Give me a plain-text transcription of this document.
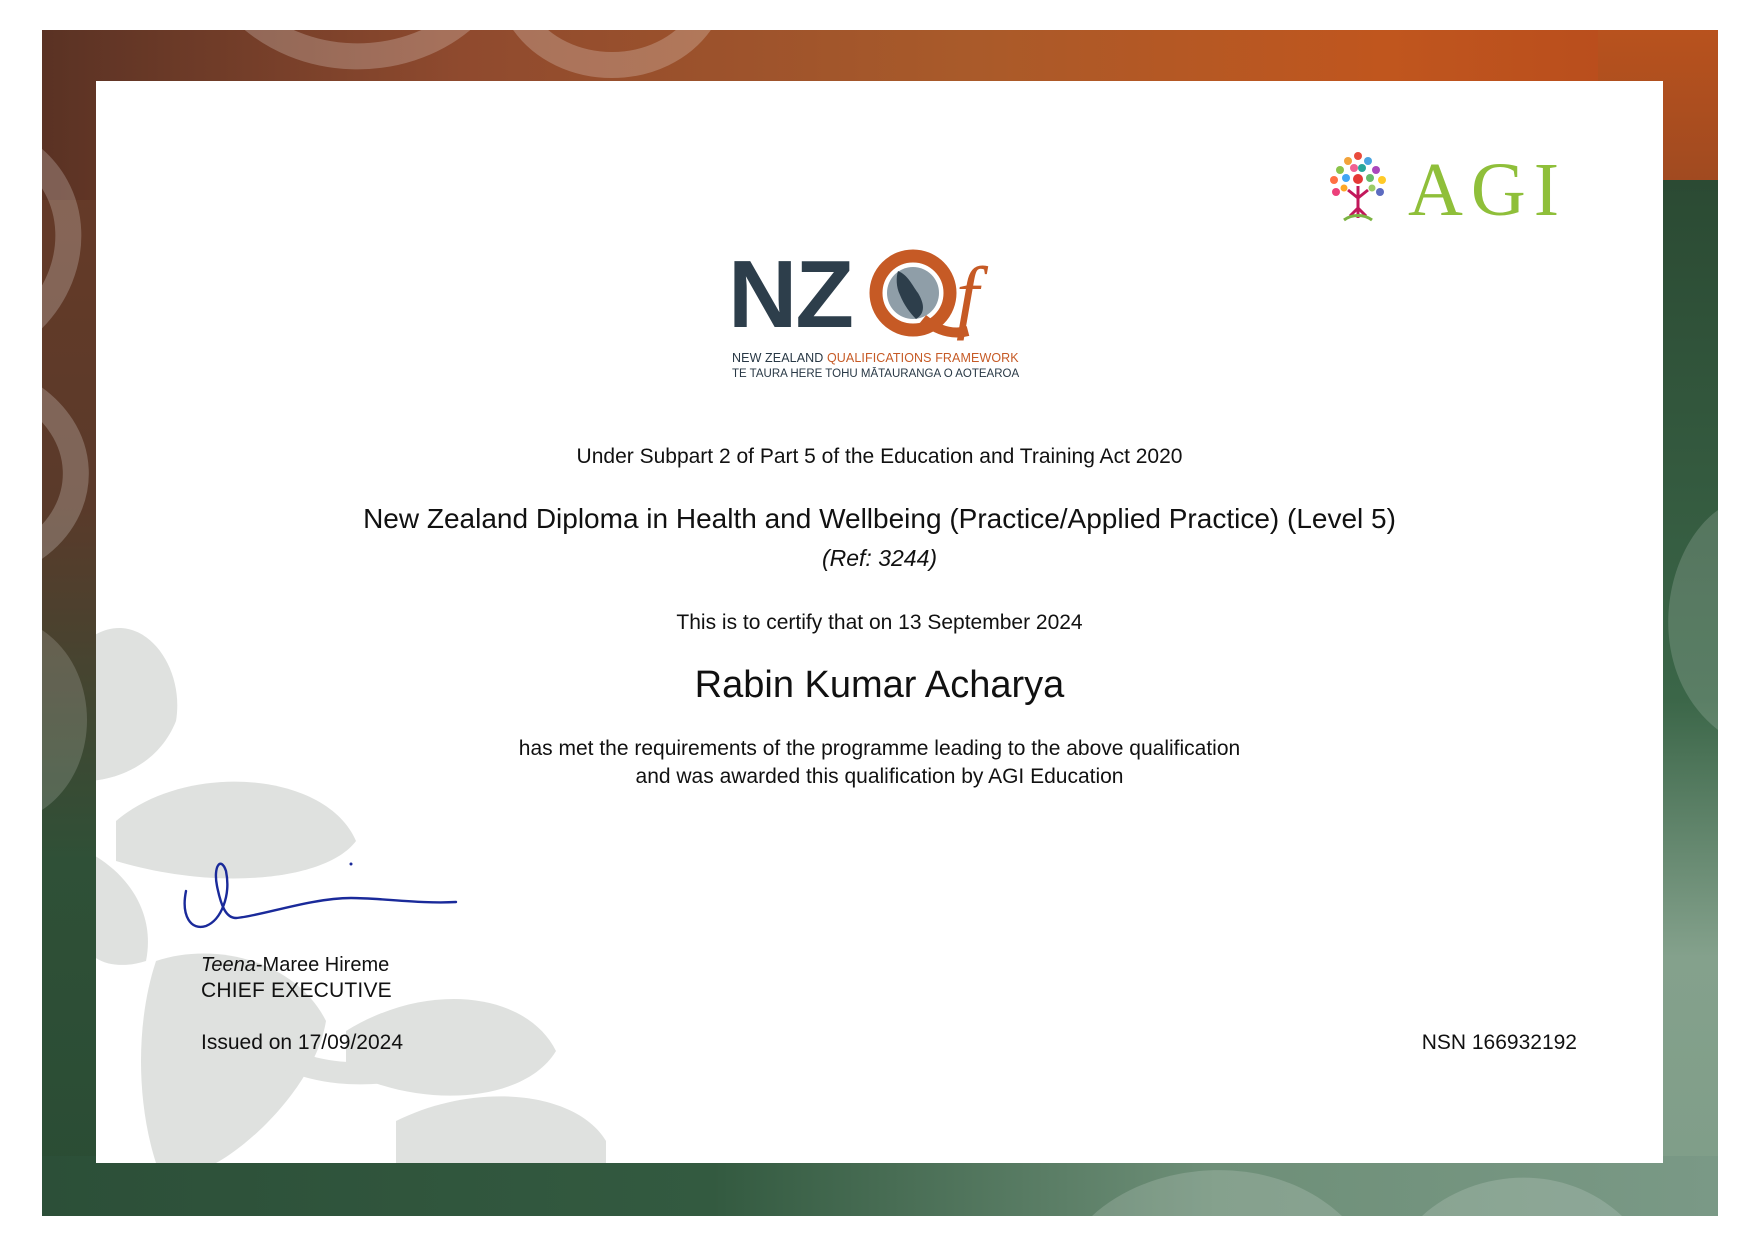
AGI
NZ f
NEW ZEALAND QUALIFICATIONS FRAMEWORK
TE TAURA HERE TOHU MĀTAURANGA O AOTEAROA
Under Subpart 2 of Part 5 of the Education and Training Act 2020
New Zealand Diploma in Health and Wellbeing (Practice/Applied Practice) (Level 5)
(Ref: 3244)
This is to certify that on 13 September 2024
Rabin Kumar Acharya
has met the requirements of the programme leading to the above qualification
and was awarded this qualification by AGI Education
Teena-Maree Hireme
CHIEF EXECUTIVE
Issued on 17/09/2024	NSN 166932192
